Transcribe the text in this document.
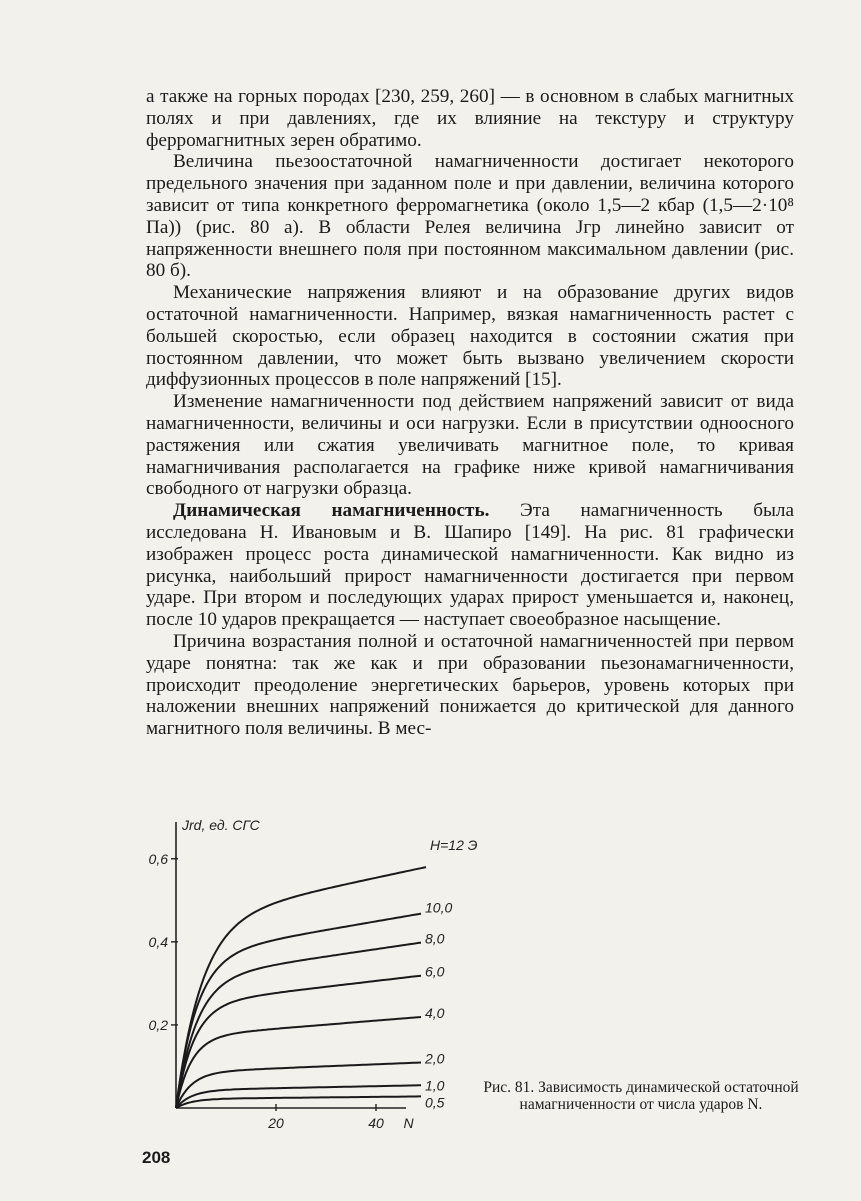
а также на горных породах [230, 259, 260] — в основном в слабых магнитных полях и при давлениях, где их влияние на текстуру и структуру ферромагнитных зерен обратимо.

Величина пьезоостаточной намагниченности достигает некоторого предельного значения при заданном поле и при давлении, величина которого зависит от типа конкретного ферромагнетика (около 1,5—2 кбар (1,5—2·10⁸ Па)) (рис. 80 а). В области Релея величина Jгр линейно зависит от напряженности внешнего поля при постоянном максимальном давлении (рис. 80 б).

Механические напряжения влияют и на образование других видов остаточной намагниченности. Например, вязкая намагниченность растет с большей скоростью, если образец находится в состоянии сжатия при постоянном давлении, что может быть вызвано увеличением скорости диффузионных процессов в поле напряжений [15].

Изменение намагниченности под действием напряжений зависит от вида намагниченности, величины и оси нагрузки. Если в присутствии одноосного растяжения или сжатия увеличивать магнитное поле, то кривая намагничивания располагается на графике ниже кривой намагничивания свободного от нагрузки образца.

Динамическая намагниченность. Эта намагниченность была исследована Н. Ивановым и В. Шапиро [149]. На рис. 81 графически изображен процесс роста динамической намагниченности. Как видно из рисунка, наибольший прирост намагниченности достигается при первом ударе. При втором и последующих ударах прирост уменьшается и, наконец, после 10 ударов прекращается — наступает своеобразное насыщение.

Причина возрастания полной и остаточной намагниченностей при первом ударе понятна: так же как и при образовании пьезонамагниченности, происходит преодоление энергетических барьеров, уровень которых при наложении внешних напряжений понижается до критической для данного магнитного поля величины. В мес-

0,2
0,4
0,6
20	40 N
Jrd, ед. СГС
H=12 Э
10,0
8,0
6,0
4,0
2,0
1,0
0,5
Рис. 81. Зависимость динамической остаточной намагниченности от числа ударов N.
208
